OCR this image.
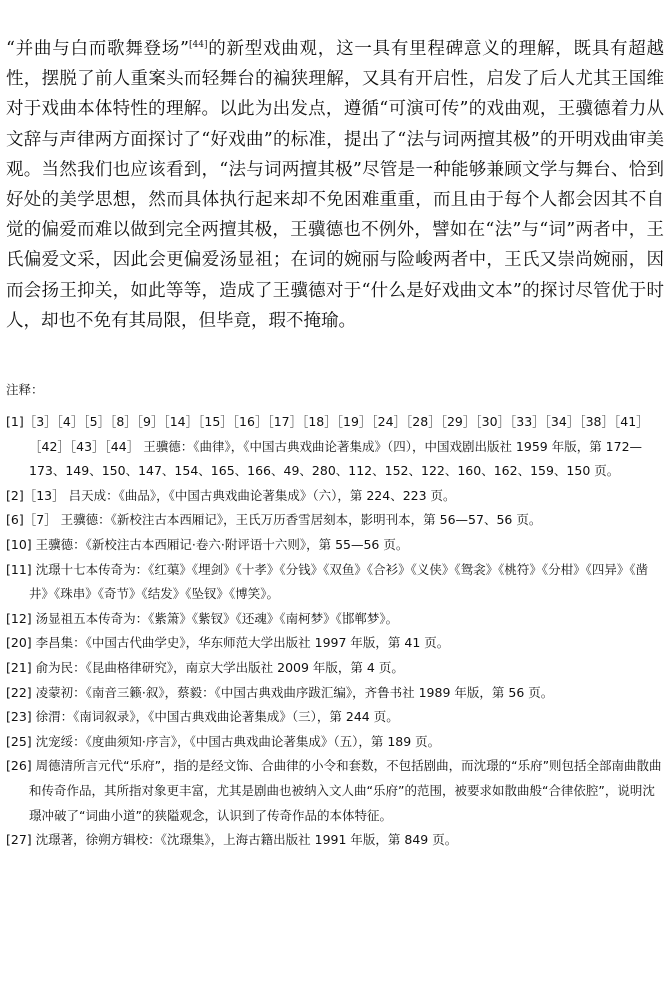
“并曲与白而歌舞登场”[44]的新型戏曲观，这一具有里程碑意义的理解，既具有超越性，摆脱了前人重案头而轻舞台的褊狭理解，又具有开启性，启发了后人尤其王国维对于戏曲本体特性的理解。以此为出发点，遵循“可演可传”的戏曲观，王骥德着力从文辞与声律两方面探讨了“好戏曲”的标准，提出了“法与词两擅其极”的开明戏曲审美观。当然我们也应该看到，“法与词两擅其极”尽管是一种能够兼顾文学与舞台、恰到好处的美学思想，然而具体执行起来却不免困难重重，而且由于每个人都会因其不自觉的偏爱而难以做到完全两擅其极，王骥德也不例外，譬如在“法”与“词”两者中，王氏偏爱文采，因此会更偏爱汤显祖；在词的婉丽与险峻两者中，王氏又崇尚婉丽，因而会扬王抑关，如此等等，造成了王骥德对于“什么是好戏曲文本”的探讨尽管优于时人，却也不免有其局限，但毕竟，瑕不掩瑜。

注释：
[1]［3］［4］［5］［8］［9］［14］［15］［16］［17］［18］［19］［24］［28］［29］［30］［33］［34］［38］［41］［42］［43］［44］ 王骥德：《曲律》，《中国古典戏曲论著集成》（四），中国戏剧出版社 1959 年版，第 172—173、149、150、147、154、165、166、49、280、112、152、122、160、162、159、150 页。
[2]［13］ 吕天成：《曲品》，《中国古典戏曲论著集成》（六），第 224、223 页。
[6]［7］ 王骥德：《新校注古本西厢记》，王氏万历香雪居刻本，影明刊本，第 56—57、56 页。
[10] 王骥德：《新校注古本西厢记·卷六·附评语十六则》，第 55—56 页。
[11] 沈璟十七本传奇为：《红蕖》《埋剑》《十孝》《分钱》《双鱼》《合衫》《义侠》《鸳衾》《桃符》《分柑》《四异》《凿井》《珠串》《奇节》《结发》《坠钗》《博笑》。
[12] 汤显祖五本传奇为：《紫箫》《紫钗》《还魂》《南柯梦》《邯郸梦》。
[20] 李昌集：《中国古代曲学史》，华东师范大学出版社 1997 年版，第 41 页。
[21] 俞为民：《昆曲格律研究》，南京大学出版社 2009 年版，第 4 页。
[22] 凌蒙初：《南音三籁·叙》，蔡毅：《中国古典戏曲序跋汇编》，齐鲁书社 1989 年版，第 56 页。
[23] 徐渭：《南词叙录》，《中国古典戏曲论著集成》（三），第 244 页。
[25] 沈宠绥：《度曲须知·序言》，《中国古典戏曲论著集成》（五），第 189 页。
[26] 周德清所言元代“乐府”，指的是经文饰、合曲律的小令和套数，不包括剧曲，而沈璟的“乐府”则包括全部南曲散曲和传奇作品，其所指对象更丰富，尤其是剧曲也被纳入文人曲“乐府”的范围，被要求如散曲般“合律依腔”，说明沈璟冲破了“词曲小道”的狭隘观念，认识到了传奇作品的本体特征。
[27] 沈璟著，徐朔方辑校：《沈璟集》，上海古籍出版社 1991 年版，第 849 页。
